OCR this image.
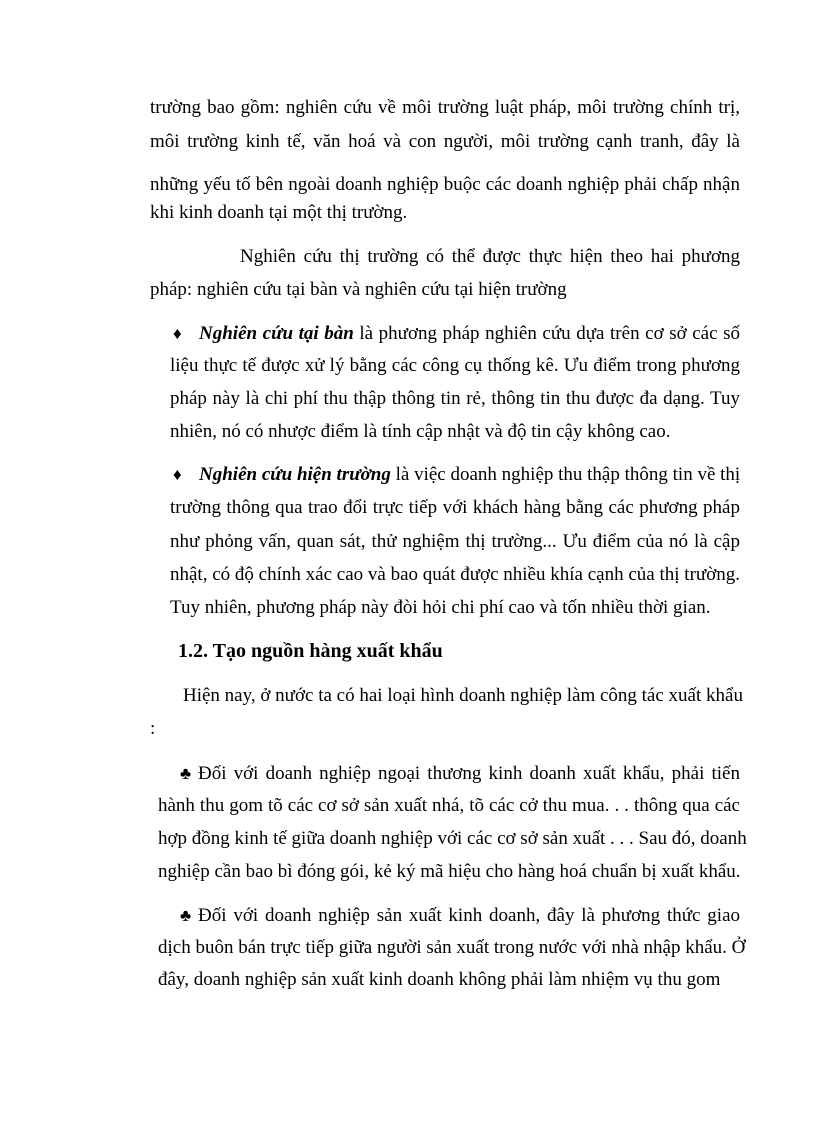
trường bao gồm: nghiên cứu về môi trường luật pháp, môi trường chính trị,
môi trường kinh tế, văn hoá và con người, môi trường cạnh tranh, đây là
những yếu tố bên ngoài doanh nghiệp buộc các doanh nghiệp phải chấp nhận
khi kinh doanh tại một thị trường.
Nghiên cứu thị trường có thể được thực hiện theo hai phương
pháp: nghiên cứu tại bàn và nghiên cứu tại hiện trường
♦ Nghiên cứu tại bàn là phương pháp nghiên cứu dựa trên cơ sở các số
liệu thực tế được xử lý bằng các công cụ thống kê. Ưu điểm trong phương
pháp này là chi phí thu thập thông tin rẻ, thông tin thu được đa dạng. Tuy
nhiên, nó có nhược điểm là tính cập nhật và độ tin cậy không cao.
♦ Nghiên cứu hiện trường là việc doanh nghiệp thu thập thông tin về thị
trường thông qua trao đổi trực tiếp với khách hàng bằng các phương pháp
như phỏng vấn, quan sát, thử nghiệm thị trường... Ưu điểm của nó là cập
nhật, có độ chính xác cao và bao quát được nhiều khía cạnh của thị trường.
Tuy nhiên, phương pháp này đòi hỏi chi phí cao và tốn nhiều thời gian.
1.2. Tạo nguồn hàng xuất khẩu
Hiện nay, ở nước ta có hai loại hình doanh nghiệp làm công tác xuất khẩu
:
♣ Đối với doanh nghiệp ngoại thương kinh doanh xuất khẩu, phải tiến
hành thu gom tõ các cơ sở sản xuất nhá, tõ các cở thu mua. . . thông qua các
hợp đồng kinh tế giữa doanh nghiệp với các cơ sở sản xuất . . . Sau đó, doanh
nghiệp cần bao bì đóng gói, kẻ ký mã hiệu cho hàng hoá chuẩn bị xuất khẩu.
♣ Đối với doanh nghiệp sản xuất kinh doanh, đây là phương thức giao
dịch buôn bán trực tiếp giữa người sản xuất trong nước với nhà nhập khẩu. Ở
đây, doanh nghiệp sản xuất kinh doanh không phải làm nhiệm vụ thu gom
